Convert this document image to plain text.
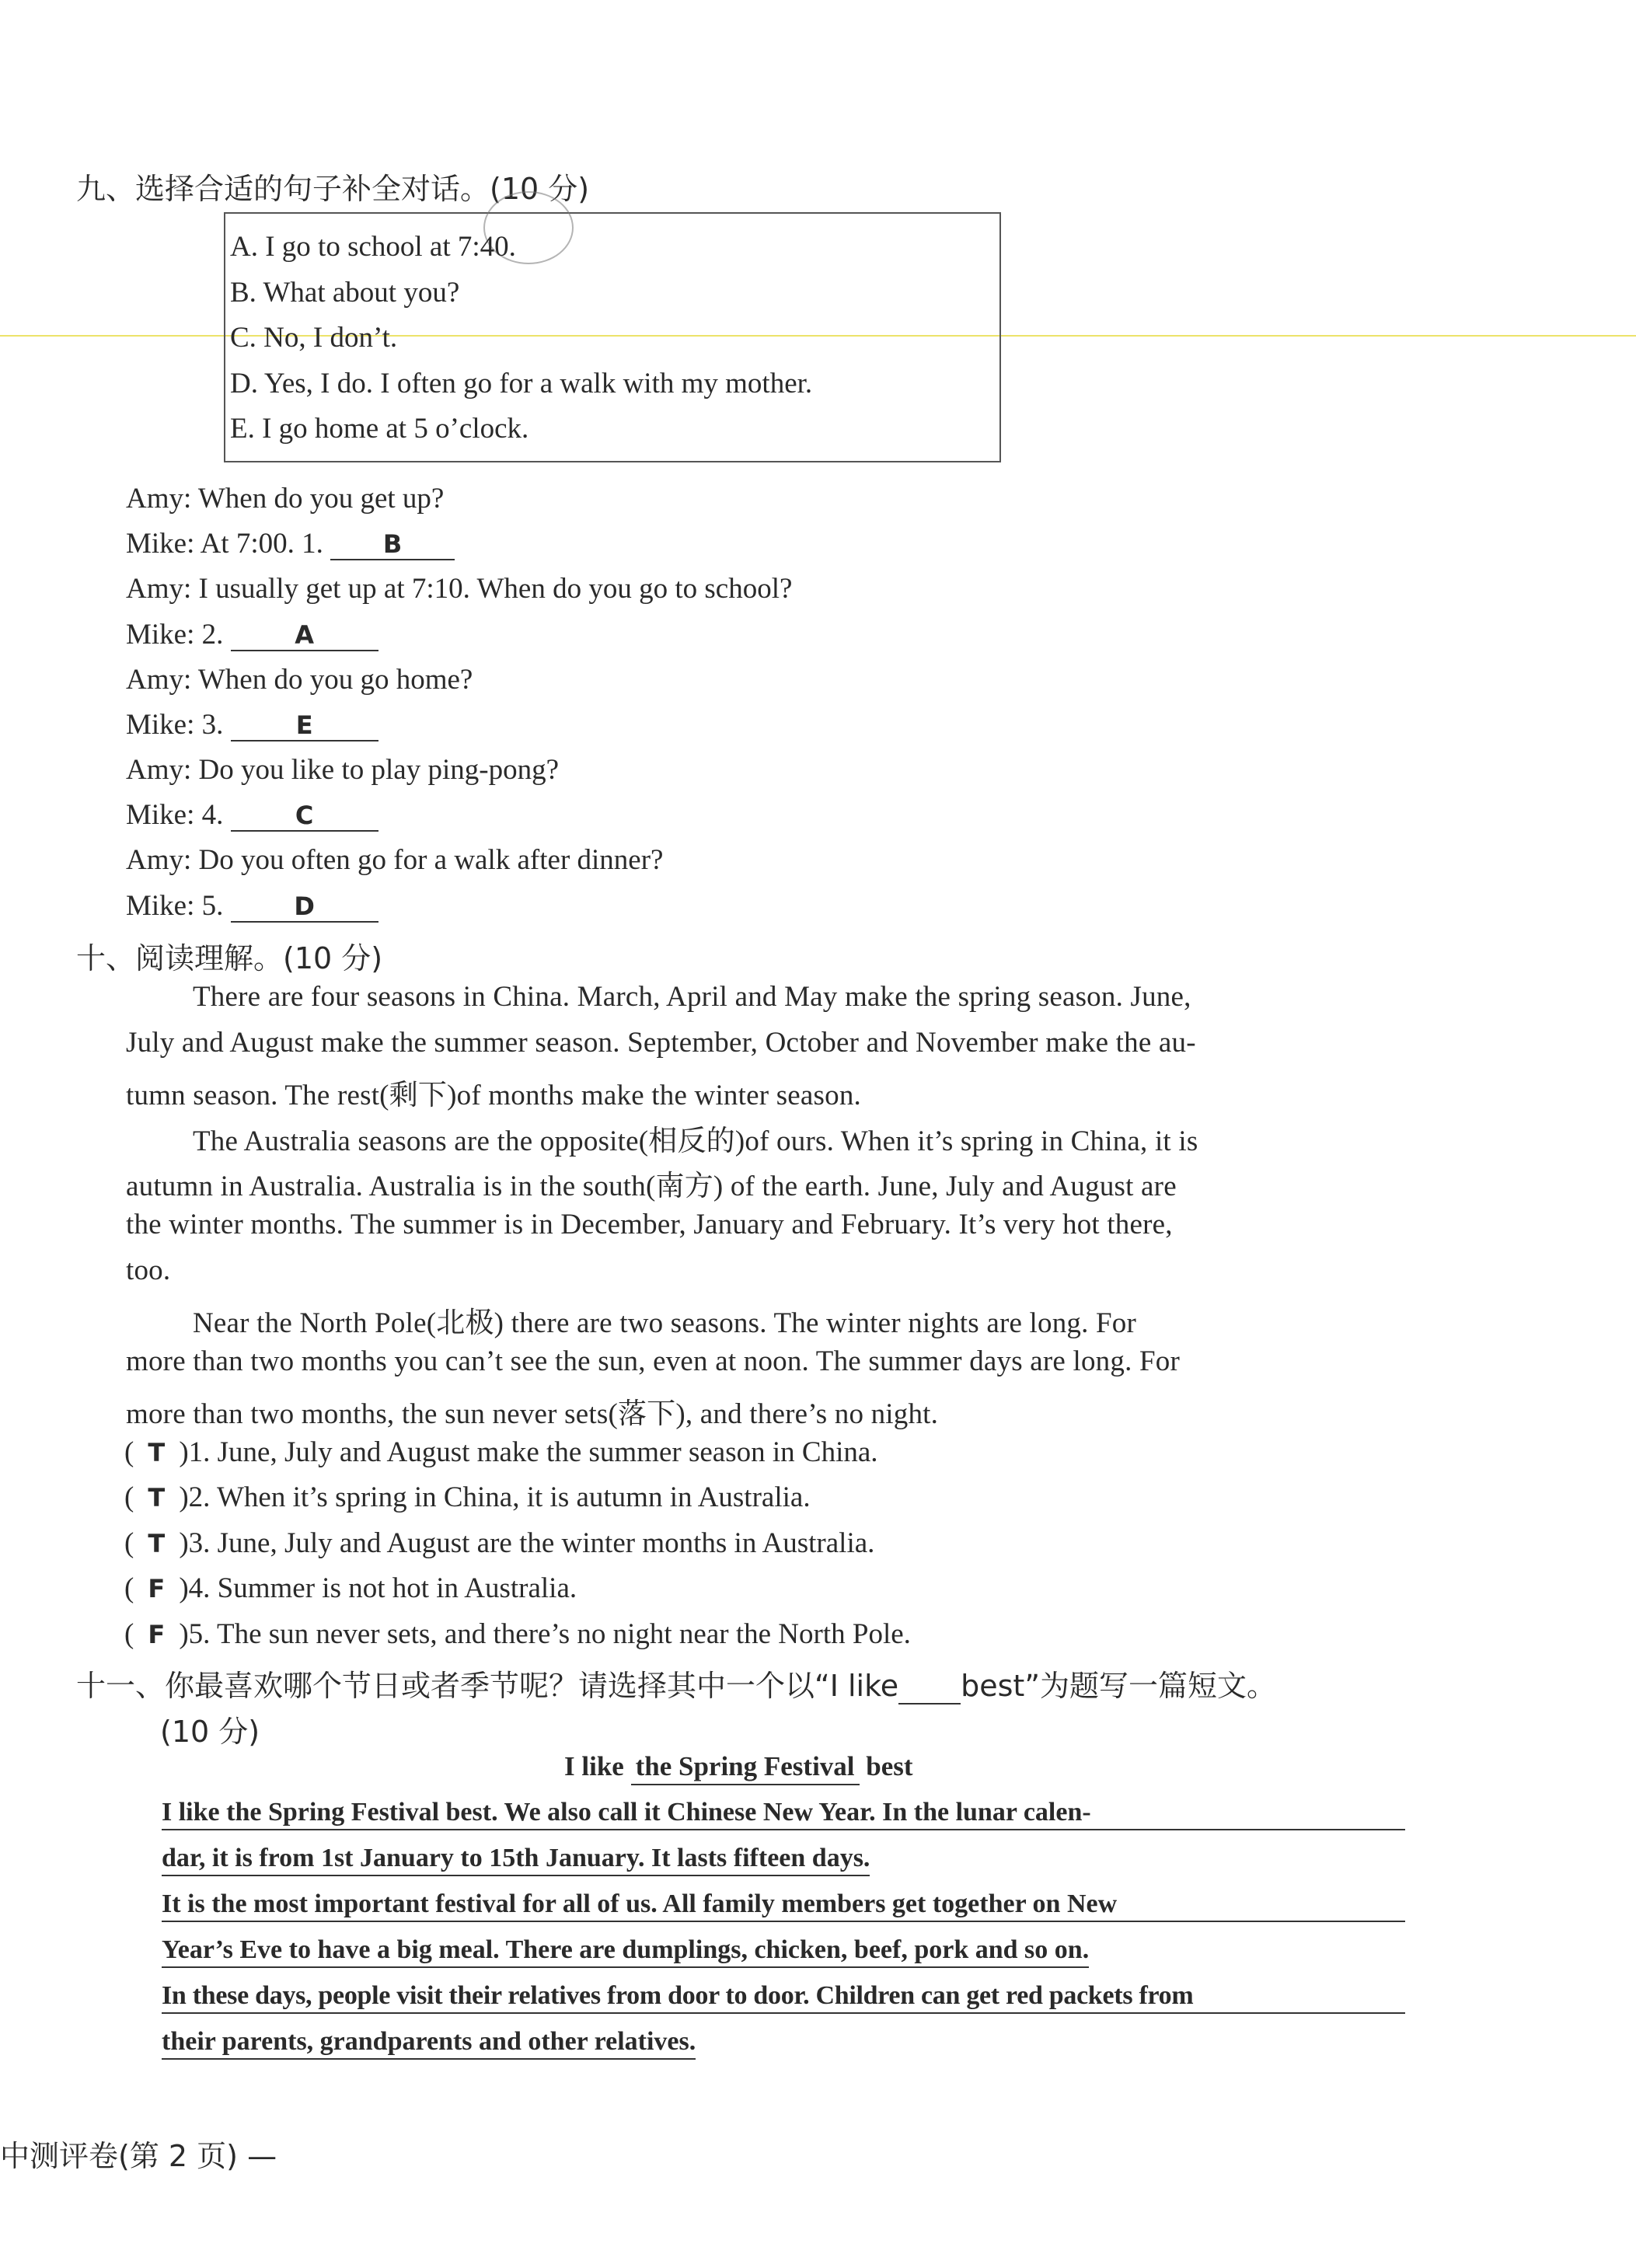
九、选择合适的句子补全对话。(10 分)
A. I go to school at 7:40.
B. What about you?
C. No, I don’t.
D. Yes, I do. I often go for a walk with my mother.
E. I go home at 5 o’clock.
Amy: When do you get up?
Mike: At 7:00. 1. B
Amy: I usually get up at 7:10. When do you go to school?
Mike: 2.	A
Amy: When do you go home?
Mike: 3.	E
Amy: Do you like to play ping-pong?
Mike: 4.	C
Amy: Do you often go for a walk after dinner?
Mike: 5.	D
十、阅读理解。(10 分)
There are four seasons in China. March, April and May make the spring season. June,
July and August make the summer season. September, October and November make the au-
tumn season. The rest(剩下)of months make the winter season.
The Australia seasons are the opposite(相反的)of ours. When it’s spring in China, it is
autumn in Australia. Australia is in the south(南方) of the earth. June, July and August are
the winter months. The summer is in December, January and February. It’s very hot there,
too.
Near the North Pole(北极) there are two seasons. The winter nights are long. For
more than two months you can’t see the sun, even at noon. The summer days are long. For
more than two months, the sun never sets(落下), and there’s no night.
( T )1. June, July and August make the summer season in China.
( T )2. When it’s spring in China, it is autumn in Australia.
( T )3. June, July and August are the winter months in Australia.
( F )4. Summer is not hot in Australia.
( F )5. The sun never sets, and there’s no night near the North Pole.
十一、你最喜欢哪个节日或者季节呢？请选择其中一个以“I like best”为题写一篇短文。
(10 分)
I like the Spring Festival best
I like the Spring Festival best. We also call it Chinese New Year. In the lunar calen-
dar, it is from 1st January to 15th January. It lasts fifteen days.
It is the most important festival for all of us. All family members get together on New
Year’s Eve to have a big meal. There are dumplings, chicken, beef, pork and so on.
In these days, people visit their relatives from door to door. Children can get red packets from
their parents, grandparents and other relatives.
中测评卷(第 2 页) —
